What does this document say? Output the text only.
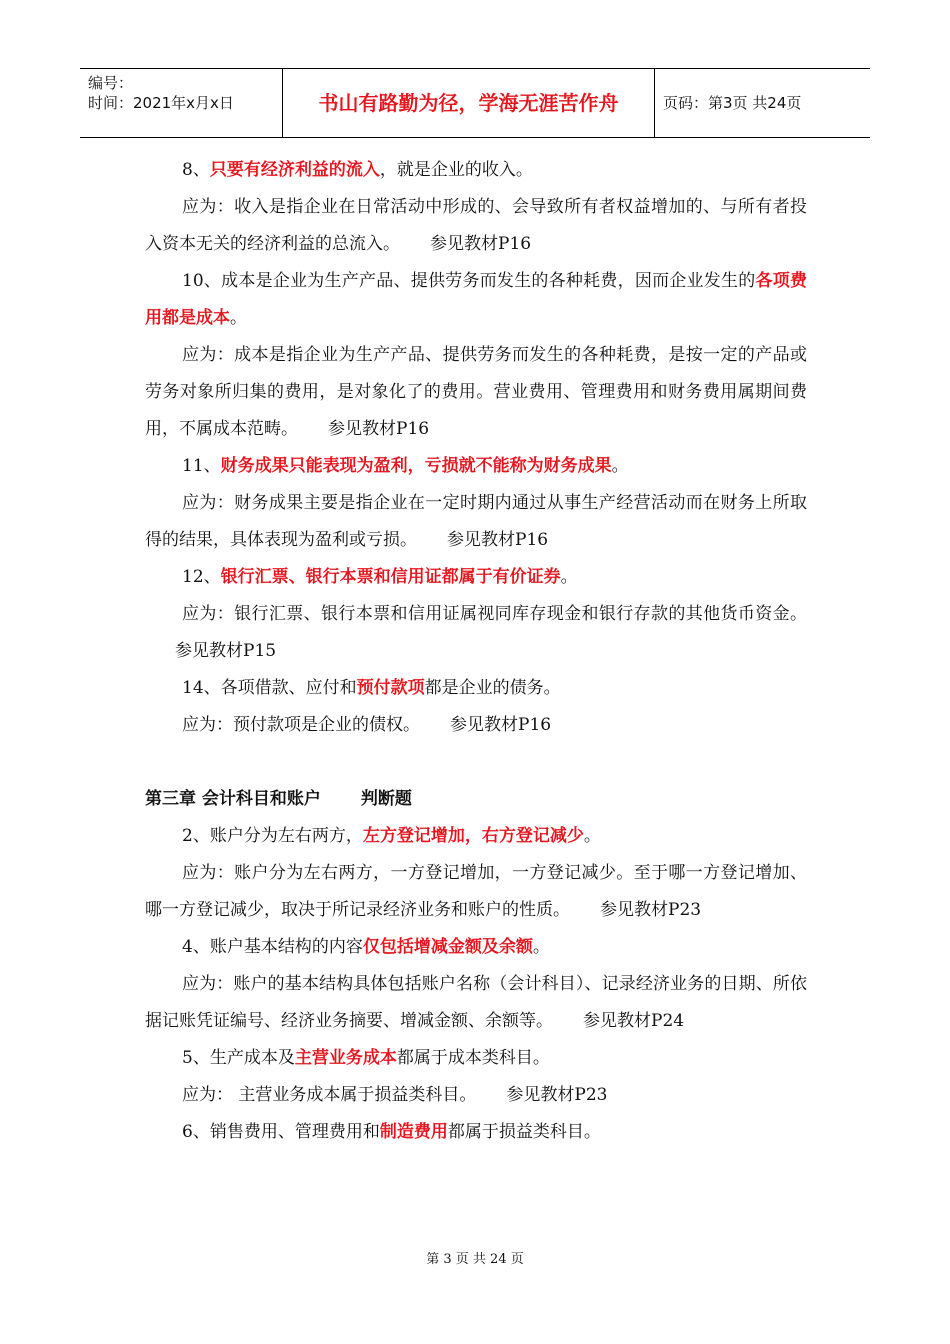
编号：
时间：2021年x月x日	书山有路勤为径，学海无涯苦作舟	页码：第3页 共24页

8、只要有经济利益的流入，就是企业的收入。

应为：收入是指企业在日常活动中形成的、会导致所有者权益增加的、与所有者投入资本无关的经济利益的总流入。 参见教材P16

10、成本是企业为生产产品、提供劳务而发生的各种耗费，因而企业发生的各项费用都是成本。

应为：成本是指企业为生产产品、提供劳务而发生的各种耗费，是按一定的产品或劳务对象所归集的费用，是对象化了的费用。营业费用、管理费用和财务费用属期间费用，不属成本范畴。 参见教材P16

11、财务成果只能表现为盈利，亏损就不能称为财务成果。

应为：财务成果主要是指企业在一定时期内通过从事生产经营活动而在财务上所取得的结果，具体表现为盈利或亏损。 参见教材P16

12、银行汇票、银行本票和信用证都属于有价证券。

应为：银行汇票、银行本票和信用证属视同库存现金和银行存款的其他货币资金。参见教材P15

14、各项借款、应付和预付款项都是企业的债务。

应为：预付款项是企业的债权。 参见教材P16

第三章 会计科目和账户 判断题

2、账户分为左右两方，左方登记增加，右方登记减少。

应为：账户分为左右两方，一方登记增加，一方登记减少。至于哪一方登记增加、哪一方登记减少，取决于所记录经济业务和账户的性质。 参见教材P23

4、账户基本结构的内容仅包括增减金额及余额。

应为：账户的基本结构具体包括账户名称（会计科目）、记录经济业务的日期、所依据记账凭证编号、经济业务摘要、增减金额、余额等。 参见教材P24

5、生产成本及主营业务成本都属于成本类科目。

应为： 主营业务成本属于损益类科目。 参见教材P23

6、销售费用、管理费用和制造费用都属于损益类科目。

第 3 页 共 24 页
